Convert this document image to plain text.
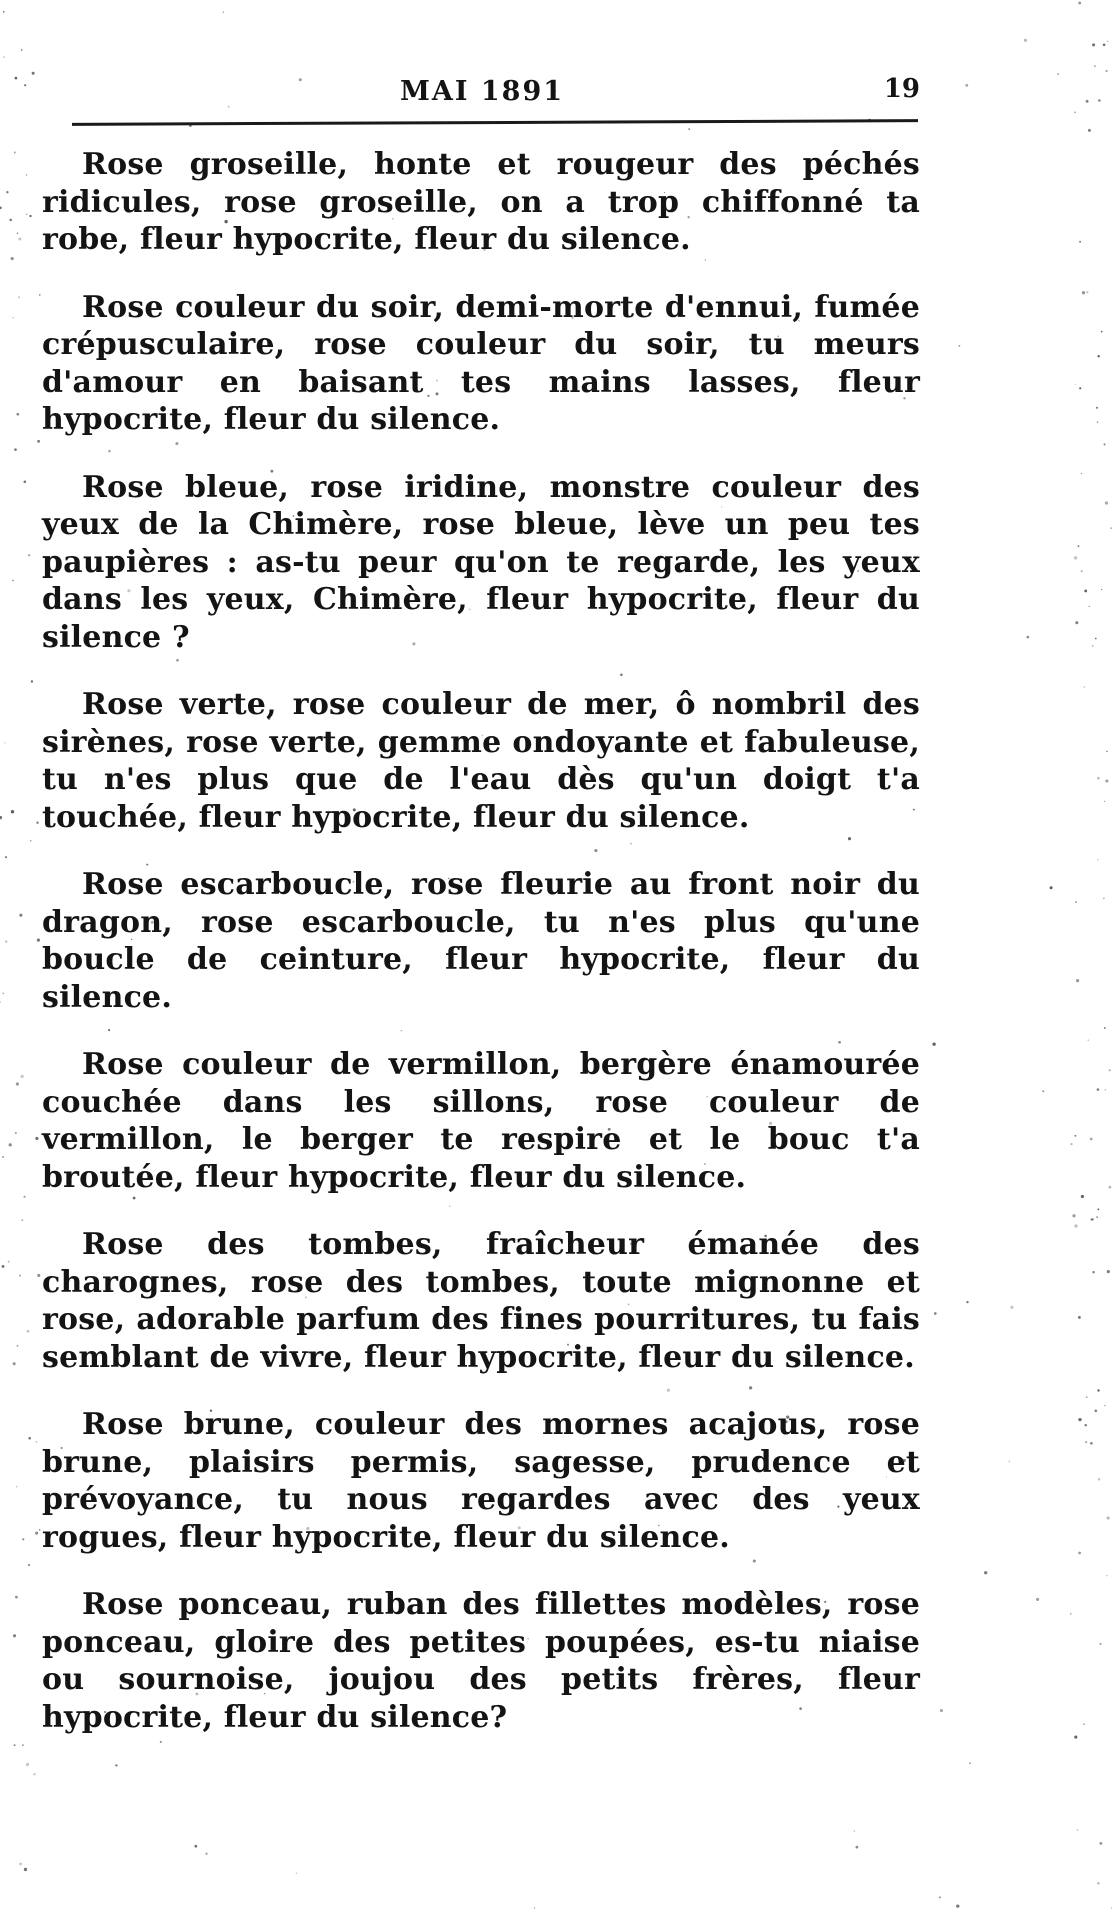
MAI 1891	19

Rose groseille, honte et rougeur des péchés ridicules, rose groseille, on a trop chiffonné ta robe, fleur hypocrite, fleur du silence.

Rose couleur du soir, demi-morte d'ennui, fumée crépusculaire, rose couleur du soir, tu meurs d'amour en baisant tes mains lasses, fleur hypocrite, fleur du silence.

Rose bleue, rose iridine, monstre couleur des yeux de la Chimère, rose bleue, lève un peu tes paupières : as-tu peur qu'on te regarde, les yeux dans les yeux, Chimère, fleur hypocrite, fleur du silence ?

Rose verte, rose couleur de mer, ô nombril des sirènes, rose verte, gemme ondoyante et fabuleuse, tu n'es plus que de l'eau dès qu'un doigt t'a touchée, fleur hypocrite, fleur du silence.

Rose escarboucle, rose fleurie au front noir du dragon, rose escarboucle, tu n'es plus qu'une boucle de ceinture, fleur hypocrite, fleur du silence.

Rose couleur de vermillon, bergère énamourée couchée dans les sillons, rose couleur de vermillon, le berger te respire et le bouc t'a broutée, fleur hypocrite, fleur du silence.

Rose des tombes, fraîcheur émanée des charognes, rose des tombes, toute mignonne et rose, adorable parfum des fines pourritures, tu fais semblant de vivre, fleur hypocrite, fleur du silence.

Rose brune, couleur des mornes acajous, rose brune, plaisirs permis, sagesse, prudence et prévoyance, tu nous regardes avec des yeux rogues, fleur hypocrite, fleur du silence.

Rose ponceau, ruban des fillettes modèles, rose ponceau, gloire des petites poupées, es-tu niaise ou sournoise, joujou des petits frères, fleur hypocrite, fleur du silence?
